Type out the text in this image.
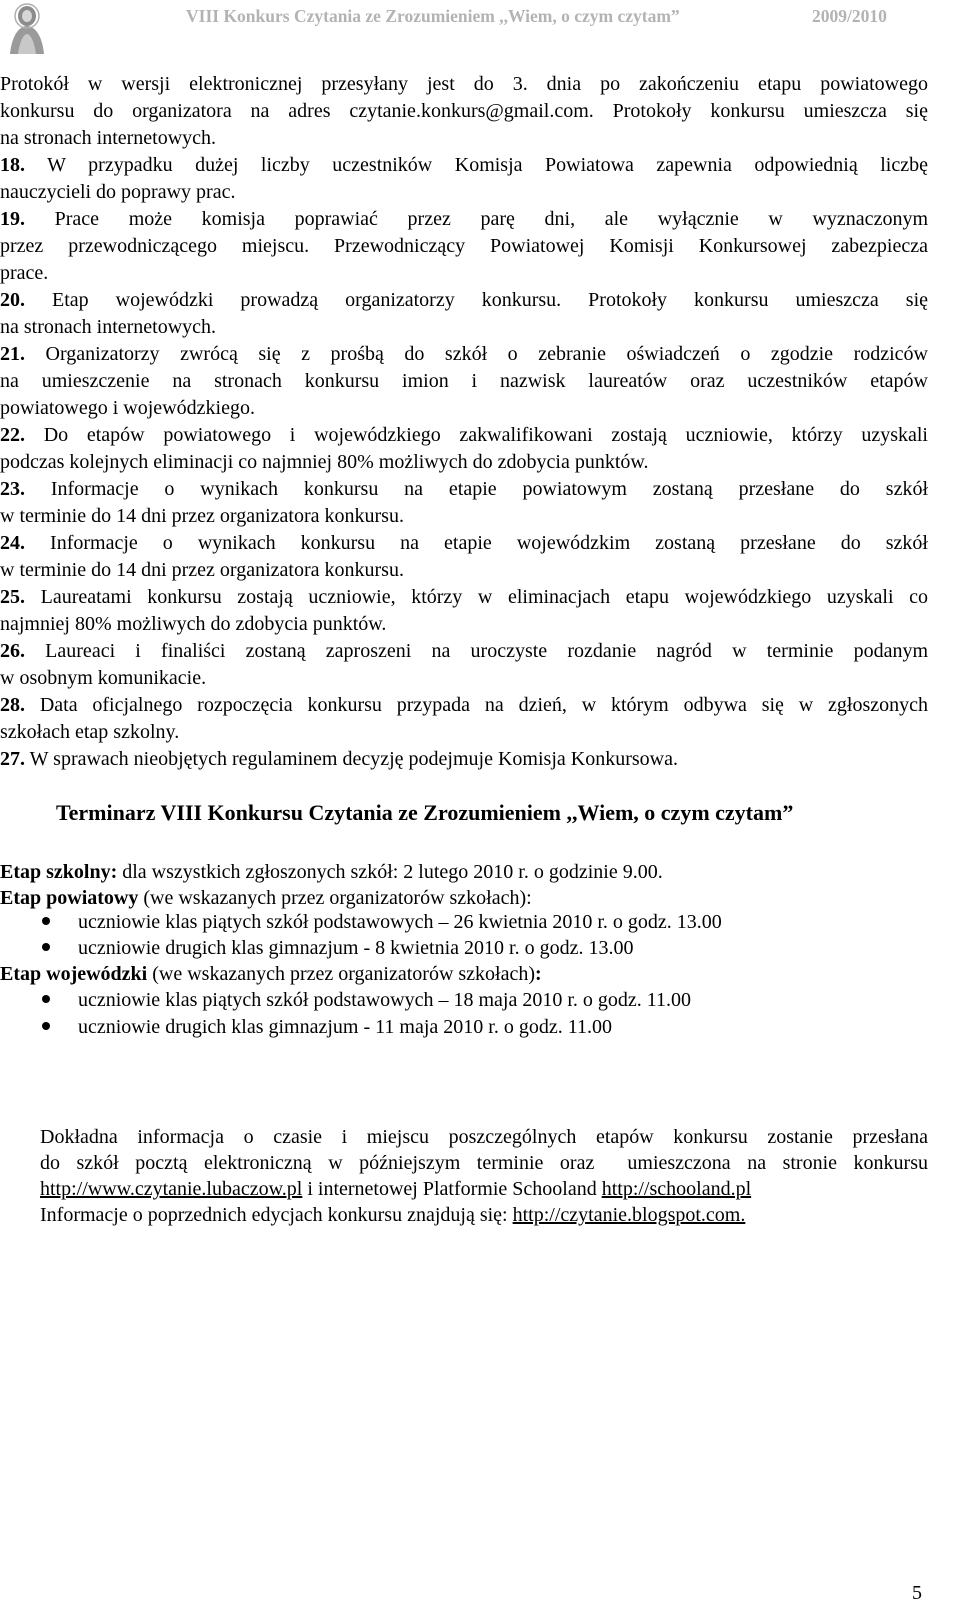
VIII Konkurs Czytania ze Zrozumieniem ,,Wiem, o czym czytam”	2009/2010
Protokół w wersji elektronicznej przesyłany jest do 3. dnia po zakończeniu etapu powiatowego
konkursu do organizatora na adres czytanie.konkurs@gmail.com. Protokoły konkursu umieszcza się
na stronach internetowych.
18. W przypadku dużej liczby uczestników Komisja Powiatowa zapewnia odpowiednią liczbę
nauczycieli do poprawy prac.
19. Prace może komisja poprawiać przez parę dni, ale wyłącznie w wyznaczonym
przez przewodniczącego miejscu. Przewodniczący Powiatowej Komisji Konkursowej zabezpiecza
prace.
20. Etap wojewódzki prowadzą organizatorzy konkursu. Protokoły konkursu umieszcza się
na stronach internetowych.
21. Organizatorzy zwrócą się z prośbą do szkół o zebranie oświadczeń o zgodzie rodziców
na umieszczenie na stronach konkursu imion i nazwisk laureatów oraz uczestników etapów
powiatowego i wojewódzkiego.
22. Do etapów powiatowego i wojewódzkiego zakwalifikowani zostają uczniowie, którzy uzyskali
podczas kolejnych eliminacji co najmniej 80% możliwych do zdobycia punktów.
23. Informacje o wynikach konkursu na etapie powiatowym zostaną przesłane do szkół
w terminie do 14 dni przez organizatora konkursu.
24. Informacje o wynikach konkursu na etapie wojewódzkim zostaną przesłane do szkół
w terminie do 14 dni przez organizatora konkursu.
25. Laureatami konkursu zostają uczniowie, którzy w eliminacjach etapu wojewódzkiego uzyskali co
najmniej 80% możliwych do zdobycia punktów.
26. Laureaci i finaliści zostaną zaproszeni na uroczyste rozdanie nagród w terminie podanym
w osobnym komunikacie.
28. Data oficjalnego rozpoczęcia konkursu przypada na dzień, w którym odbywa się w zgłoszonych
szkołach etap szkolny.
27. W sprawach nieobjętych regulaminem decyzję podejmuje Komisja Konkursowa.
Terminarz VIII Konkursu Czytania ze Zrozumieniem ,,Wiem, o czym czytam”
Etap szkolny: dla wszystkich zgłoszonych szkół: 2 lutego 2010 r. o godzinie 9.00.
Etap powiatowy (we wskazanych przez organizatorów szkołach):
uczniowie klas piątych szkół podstawowych – 26 kwietnia 2010 r. o godz. 13.00
uczniowie drugich klas gimnazjum - 8 kwietnia 2010 r. o godz. 13.00
Etap wojewódzki (we wskazanych przez organizatorów szkołach):
uczniowie klas piątych szkół podstawowych – 18 maja 2010 r. o godz. 11.00
uczniowie drugich klas gimnazjum - 11 maja 2010 r. o godz. 11.00
Dokładna informacja o czasie i miejscu poszczególnych etapów konkursu zostanie przesłana
do szkół pocztą elektroniczną w późniejszym terminie oraz  umieszczona na stronie konkursu
http://www.czytanie.lubaczow.pl i internetowej Platformie Schooland http://schooland.pl
Informacje o poprzednich edycjach konkursu znajdują się: http://czytanie.blogspot.com.
5
